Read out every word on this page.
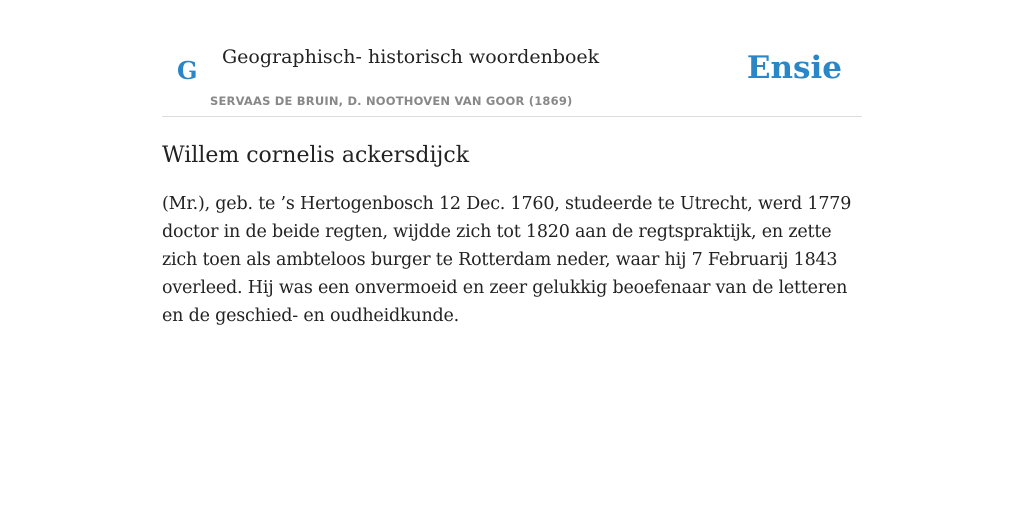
G Geographisch- historisch woordenboek
SERVAAS DE BRUIN, D. NOOTHOVEN VAN GOOR (1869)
Ensie
Willem cornelis ackersdijck

(Mr.), geb. te ’s Hertogenbosch 12 Dec. 1760, studeerde te Utrecht, werd 1779 doctor in de beide regten, wijdde zich tot 1820 aan de regtspraktijk, en zette zich toen als ambteloos burger te Rotterdam neder, waar hij 7 Februarij 1843 overleed. Hij was een onvermoeid en zeer gelukkig beoefenaar van de letteren en de geschied- en oudheidkunde.
